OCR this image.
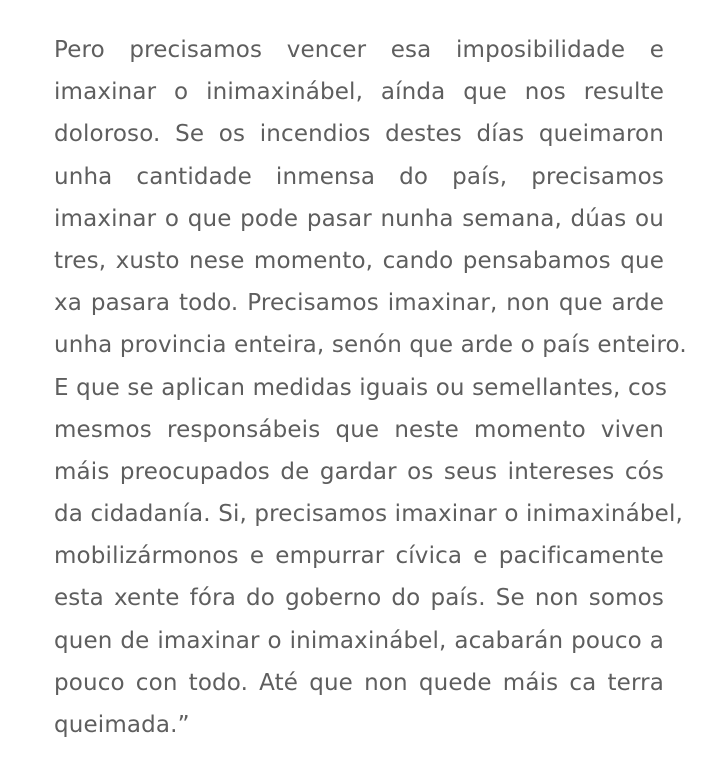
Pero precisamos vencer esa imposibilidade e
imaxinar o inimaxinábel, aínda que nos resulte
doloroso. Se os incendios destes días queimaron
unha cantidade inmensa do país, precisamos
imaxinar o que pode pasar nunha semana, dúas ou
tres, xusto nese momento, cando pensabamos que
xa pasara todo. Precisamos imaxinar, non que arde
unha provincia enteira, senón que arde o país enteiro.
E que se aplican medidas iguais ou semellantes, cos
mesmos responsábeis que neste momento viven
máis preocupados de gardar os seus intereses cós
da cidadanía. Si, precisamos imaxinar o inimaxinábel,
mobilizármonos e empurrar cívica e pacificamente
esta xente fóra do goberno do país. Se non somos
quen de imaxinar o inimaxinábel, acabarán pouco a
pouco con todo. Até que non quede máis ca terra
queimada.”
